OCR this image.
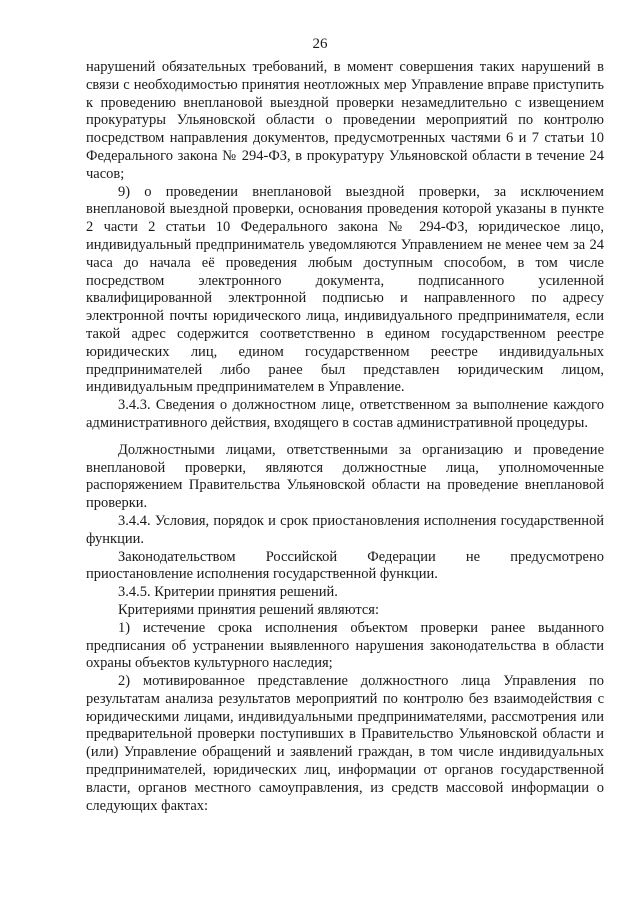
26

нарушений обязательных требований, в момент совершения таких нарушений в связи с необходимостью принятия неотложных мер Управление вправе приступить к проведению внеплановой выездной проверки незамедлительно с извещением прокуратуры Ульяновской области о проведении мероприятий по контролю посредством направления документов, предусмотренных частями 6 и 7 статьи 10 Федерального закона № 294-ФЗ, в прокуратуру Ульяновской области в течение 24 часов;

9) о проведении внеплановой выездной проверки, за исключением внеплановой выездной проверки, основания проведения которой указаны в пункте 2 части 2 статьи 10 Федерального закона № 294-ФЗ, юридическое лицо, индивидуальный предприниматель уведомляются Управлением не менее чем за 24 часа до начала её проведения любым доступным способом, в том числе посредством электронного документа, подписанного усиленной квалифицированной электронной подписью и направленного по адресу электронной почты юридического лица, индивидуального предпринимателя, если такой адрес содержится соответственно в едином государственном реестре юридических лиц, едином государственном реестре индивидуальных предпринимателей либо ранее был представлен юридическим лицом, индивидуальным предпринимателем в Управление.

3.4.3. Сведения о должностном лице, ответственном за выполнение каждого административного действия, входящего в состав административной процедуры.

Должностными лицами, ответственными за организацию и проведение внеплановой проверки, являются должностные лица, уполномоченные распоряжением Правительства Ульяновской области на проведение внеплановой проверки.

3.4.4. Условия, порядок и срок приостановления исполнения государственной функции.

Законодательством Российской Федерации не предусмотрено приостановление исполнения государственной функции.

3.4.5. Критерии принятия решений.

Критериями принятия решений являются:

1) истечение срока исполнения объектом проверки ранее выданного предписания об устранении выявленного нарушения законодательства в области охраны объектов культурного наследия;

2) мотивированное представление должностного лица Управления по результатам анализа результатов мероприятий по контролю без взаимодействия с юридическими лицами, индивидуальными предпринимателями, рассмотрения или предварительной проверки поступивших в Правительство Ульяновской области и (или) Управление обращений и заявлений граждан, в том числе индивидуальных предпринимателей, юридических лиц, информации от органов государственной власти, органов местного самоуправления, из средств массовой информации о следующих фактах:
